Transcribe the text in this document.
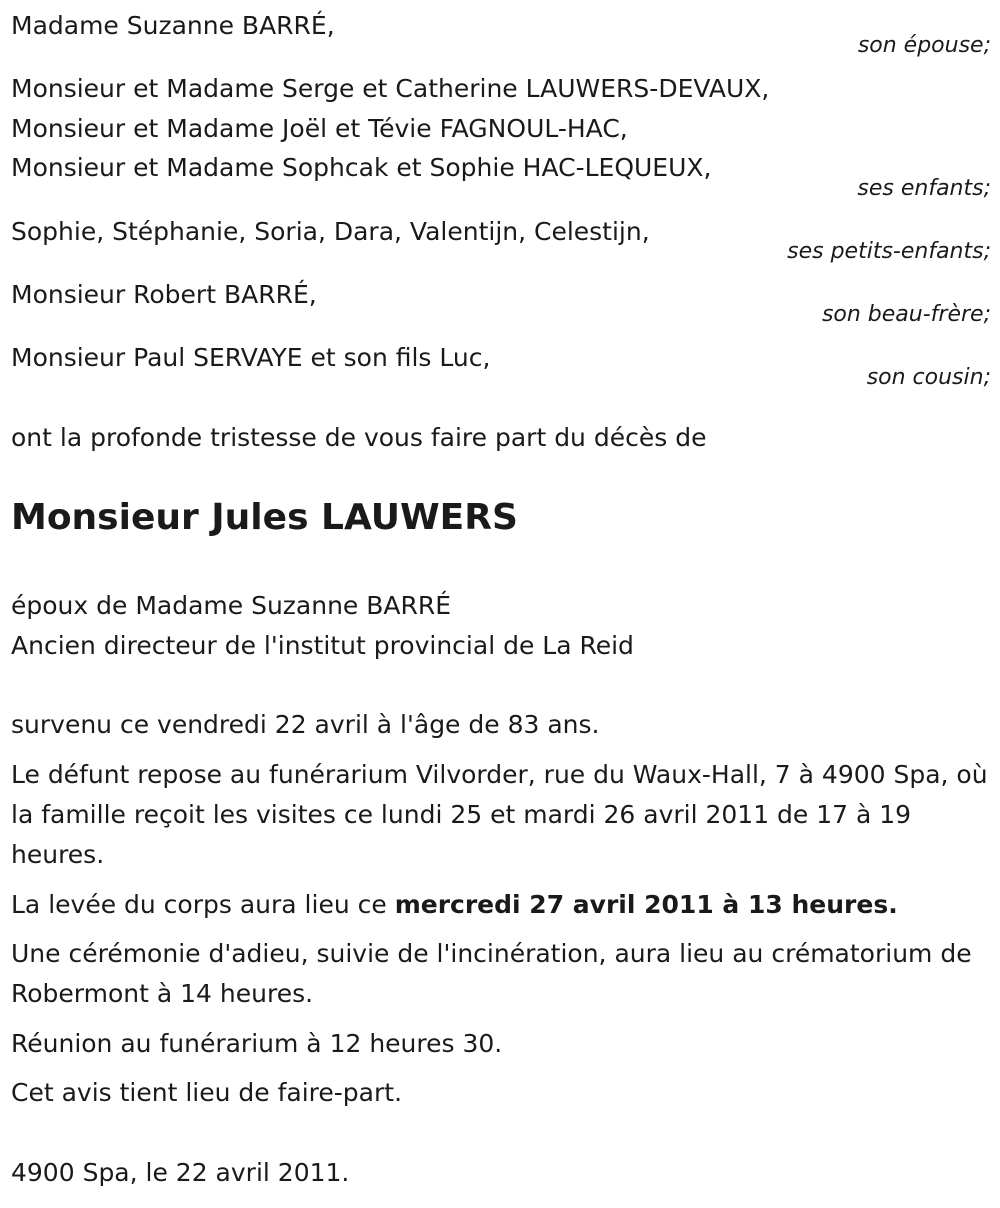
Madame Suzanne BARRÉ,
son épouse;
Monsieur et Madame Serge et Catherine LAUWERS-DEVAUX,
Monsieur et Madame Joël et Tévie FAGNOUL-HAC,
Monsieur et Madame Sophcak et Sophie HAC-LEQUEUX,
ses enfants;
Sophie, Stéphanie, Soria, Dara, Valentijn, Celestijn,
ses petits-enfants;
Monsieur Robert BARRÉ,
son beau-frère;
Monsieur Paul SERVAYE et son fils Luc,
son cousin;
ont la profonde tristesse de vous faire part du décès de
Monsieur Jules LAUWERS
époux de Madame Suzanne BARRÉ
Ancien directeur de l'institut provincial de La Reid
survenu ce vendredi 22 avril à l'âge de 83 ans.
Le défunt repose au funérarium Vilvorder, rue du Waux-Hall, 7 à 4900 Spa, où la famille reçoit les visites ce lundi 25 et mardi 26 avril 2011 de 17 à 19 heures.
La levée du corps aura lieu ce mercredi 27 avril 2011 à 13 heures.
Une cérémonie d'adieu, suivie de l'incinération, aura lieu au crématorium de Robermont à 14 heures.
Réunion au funérarium à 12 heures 30.
Cet avis tient lieu de faire-part.
4900 Spa, le 22 avril 2011.
